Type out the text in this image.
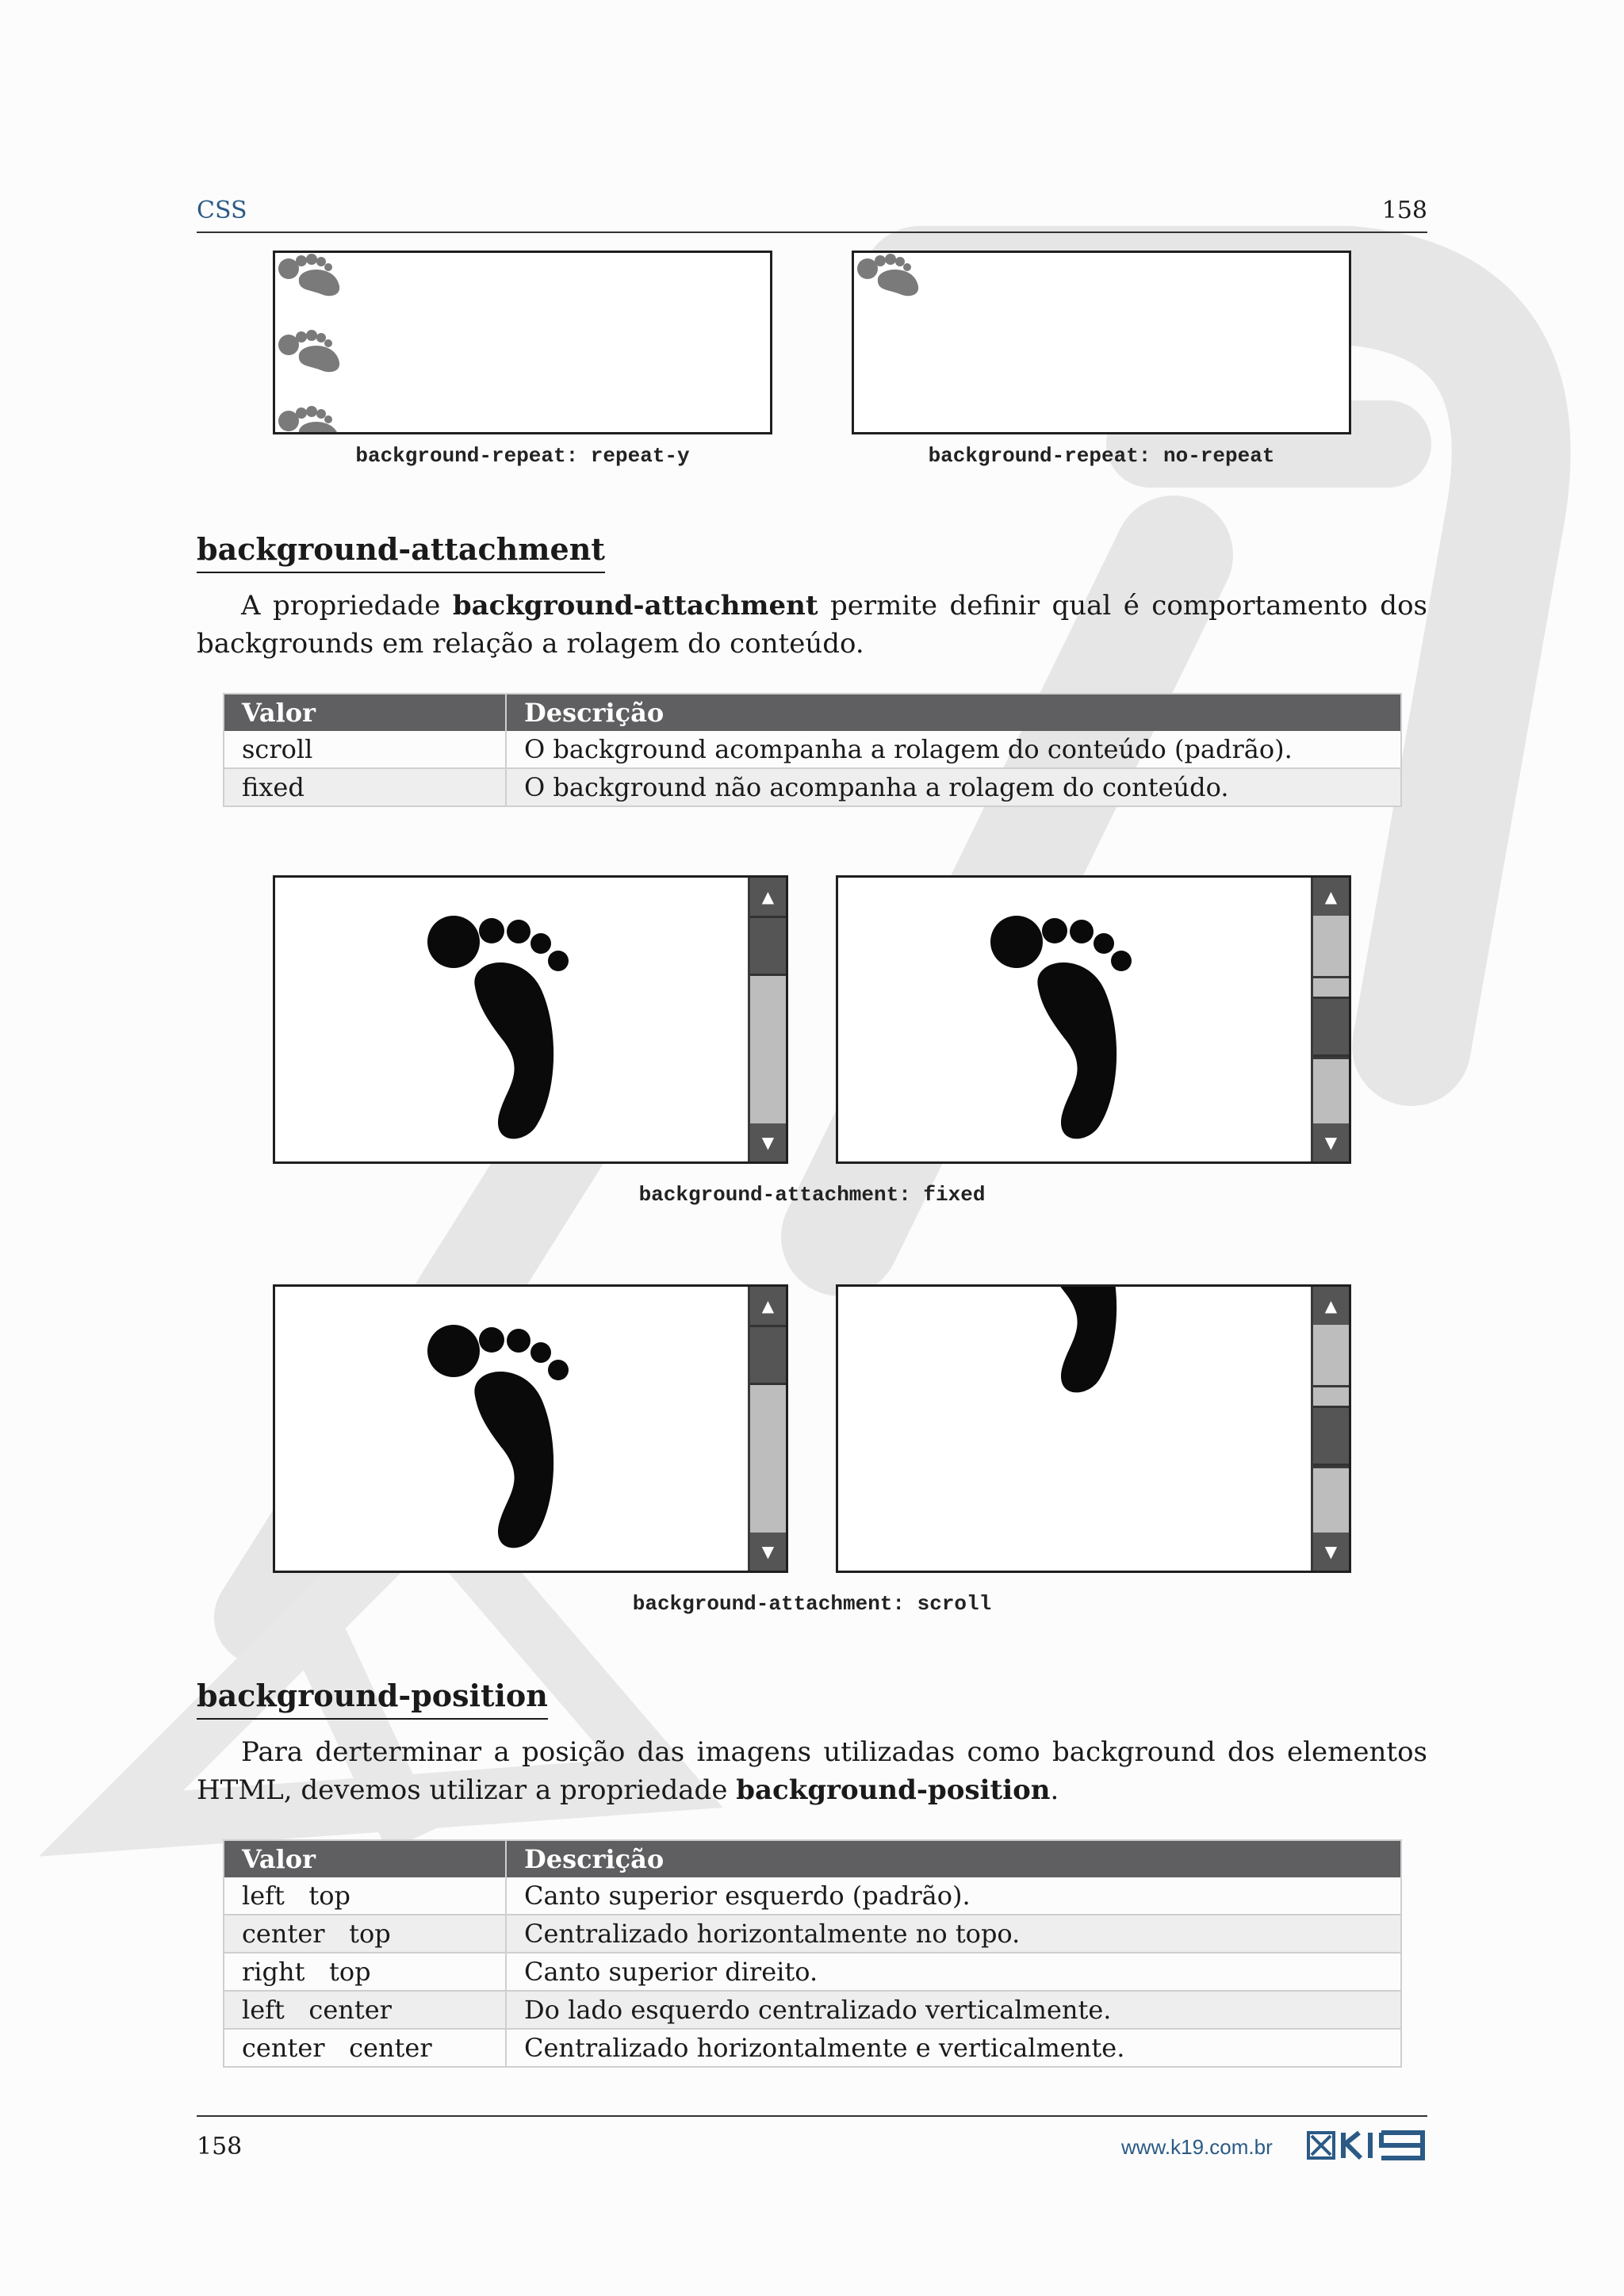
CSS	158
background-repeat: repeat-y	background-repeat: no-repeat
background-attachment
A propriedade background-attachment permite definir qual é comportamento dos backgrounds em relação a rolagem do conteúdo.
Valor	Descrição
scroll	O background acompanha a rolagem do conteúdo (padrão).
fixed	O background não acompanha a rolagem do conteúdo.
▲
▼
▲
▼
background-attachment: fixed
▲
▼
▲
▼
background-attachment: scroll
background-position
Para derterminar a posição das imagens utilizadas como background dos elementos HTML, devemos utilizar a propriedade background-position.
Valor	Descrição
left   top	Canto superior esquerdo (padrão).
center   top	Centralizado horizontalmente no topo.
right   top	Canto superior direito.
left   center	Do lado esquerdo centralizado verticalmente.
center   center	Centralizado horizontalmente e verticalmente.
158	www.k19.com.br
